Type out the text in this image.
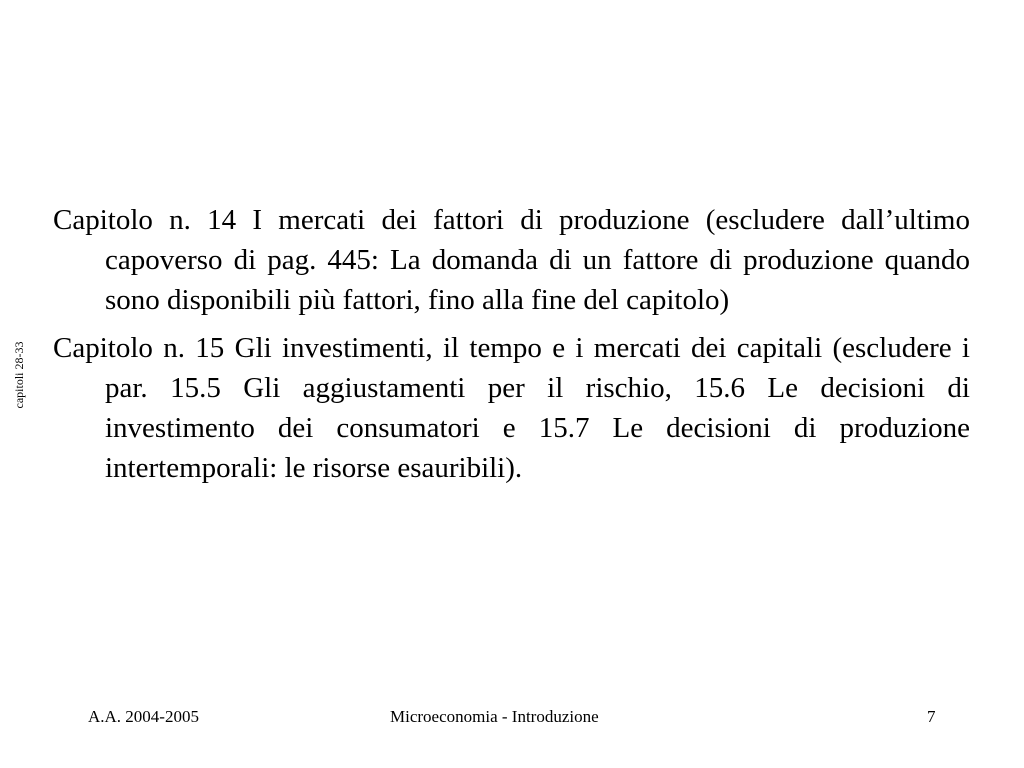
capitoli 28-33

Capitolo n. 14 I mercati dei fattori di produzione (escludere dall’ultimo capoverso di pag. 445: La domanda di un fattore di produzione quando sono disponibili più fattori, fino alla fine del capitolo)

Capitolo n. 15 Gli investimenti, il tempo e i mercati dei capitali (escludere i par. 15.5 Gli aggiustamenti per il rischio, 15.6 Le decisioni di investimento dei consumatori e 15.7 Le decisioni di produzione intertemporali: le risorse esauribili).

A.A. 2004-2005	Microeconomia - Introduzione	7
